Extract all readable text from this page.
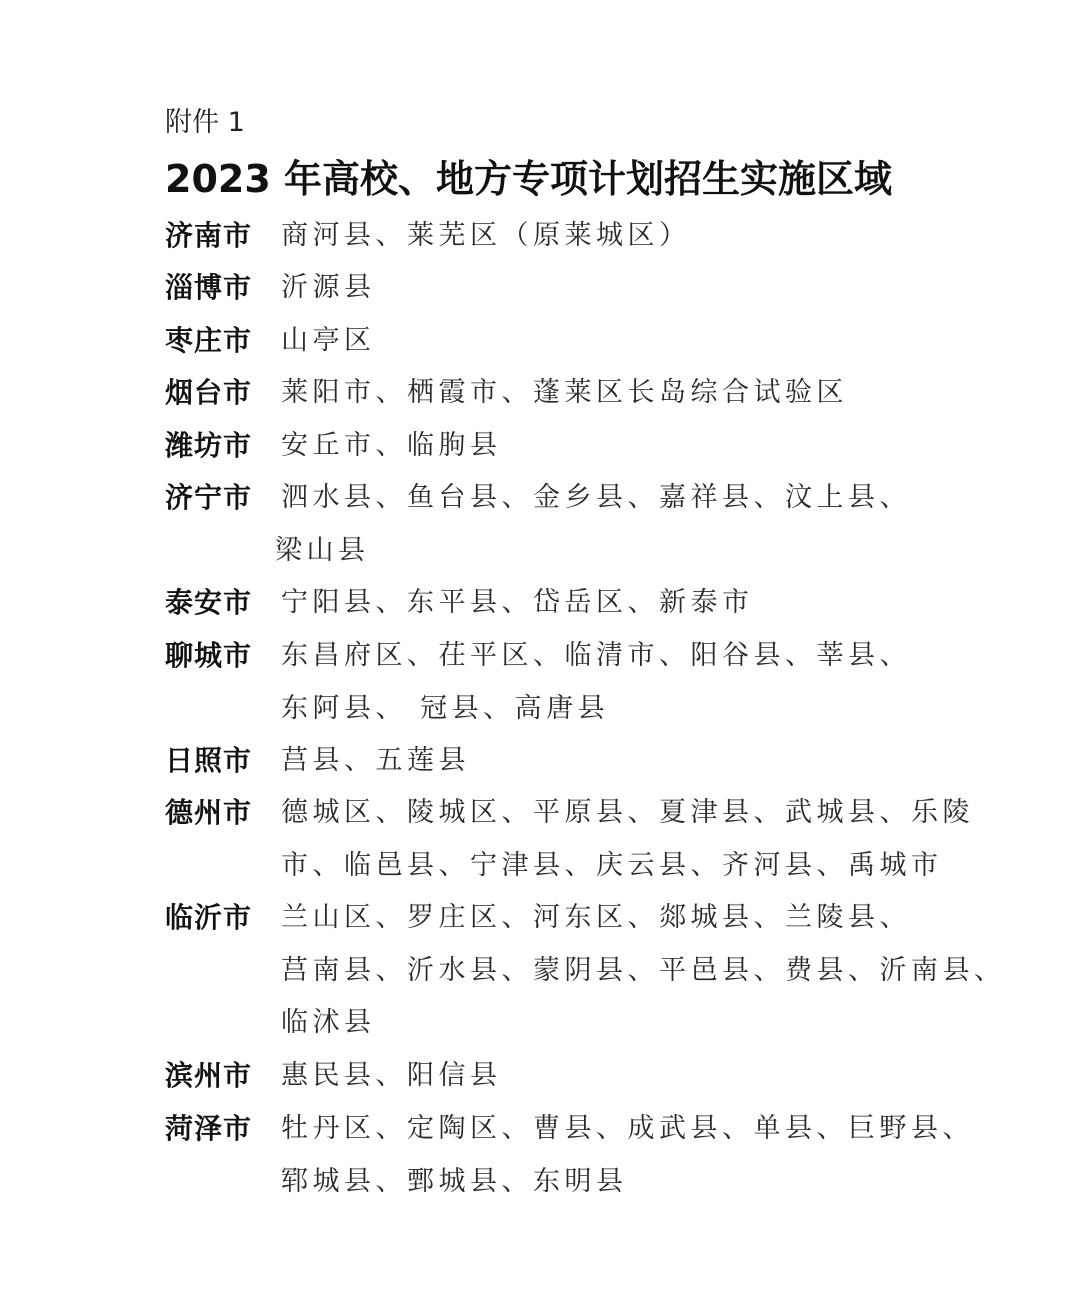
附件 1
2023 年高校、地方专项计划招生实施区域
济南市 商河县、莱芜区（原莱城区）
淄博市 沂源县
枣庄市 山亭区
烟台市 莱阳市、栖霞市、蓬莱区长岛综合试验区
潍坊市 安丘市、临朐县
济宁市 泗水县、鱼台县、金乡县、嘉祥县、汶上县、
梁山县
泰安市 宁阳县、东平县、岱岳区、新泰市
聊城市 东昌府区、茌平区、临清市、阳谷县、莘县、
东阿县、 冠县、高唐县
日照市 莒县、五莲县
德州市 德城区、陵城区、平原县、夏津县、武城县、乐陵
市、临邑县、宁津县、庆云县、齐河县、禹城市
临沂市 兰山区、罗庄区、河东区、郯城县、兰陵县、
莒南县、沂水县、蒙阴县、平邑县、费县、沂南县、
临沭县
滨州市 惠民县、阳信县
菏泽市 牡丹区、定陶区、曹县、成武县、单县、巨野县、
郓城县、鄄城县、东明县
